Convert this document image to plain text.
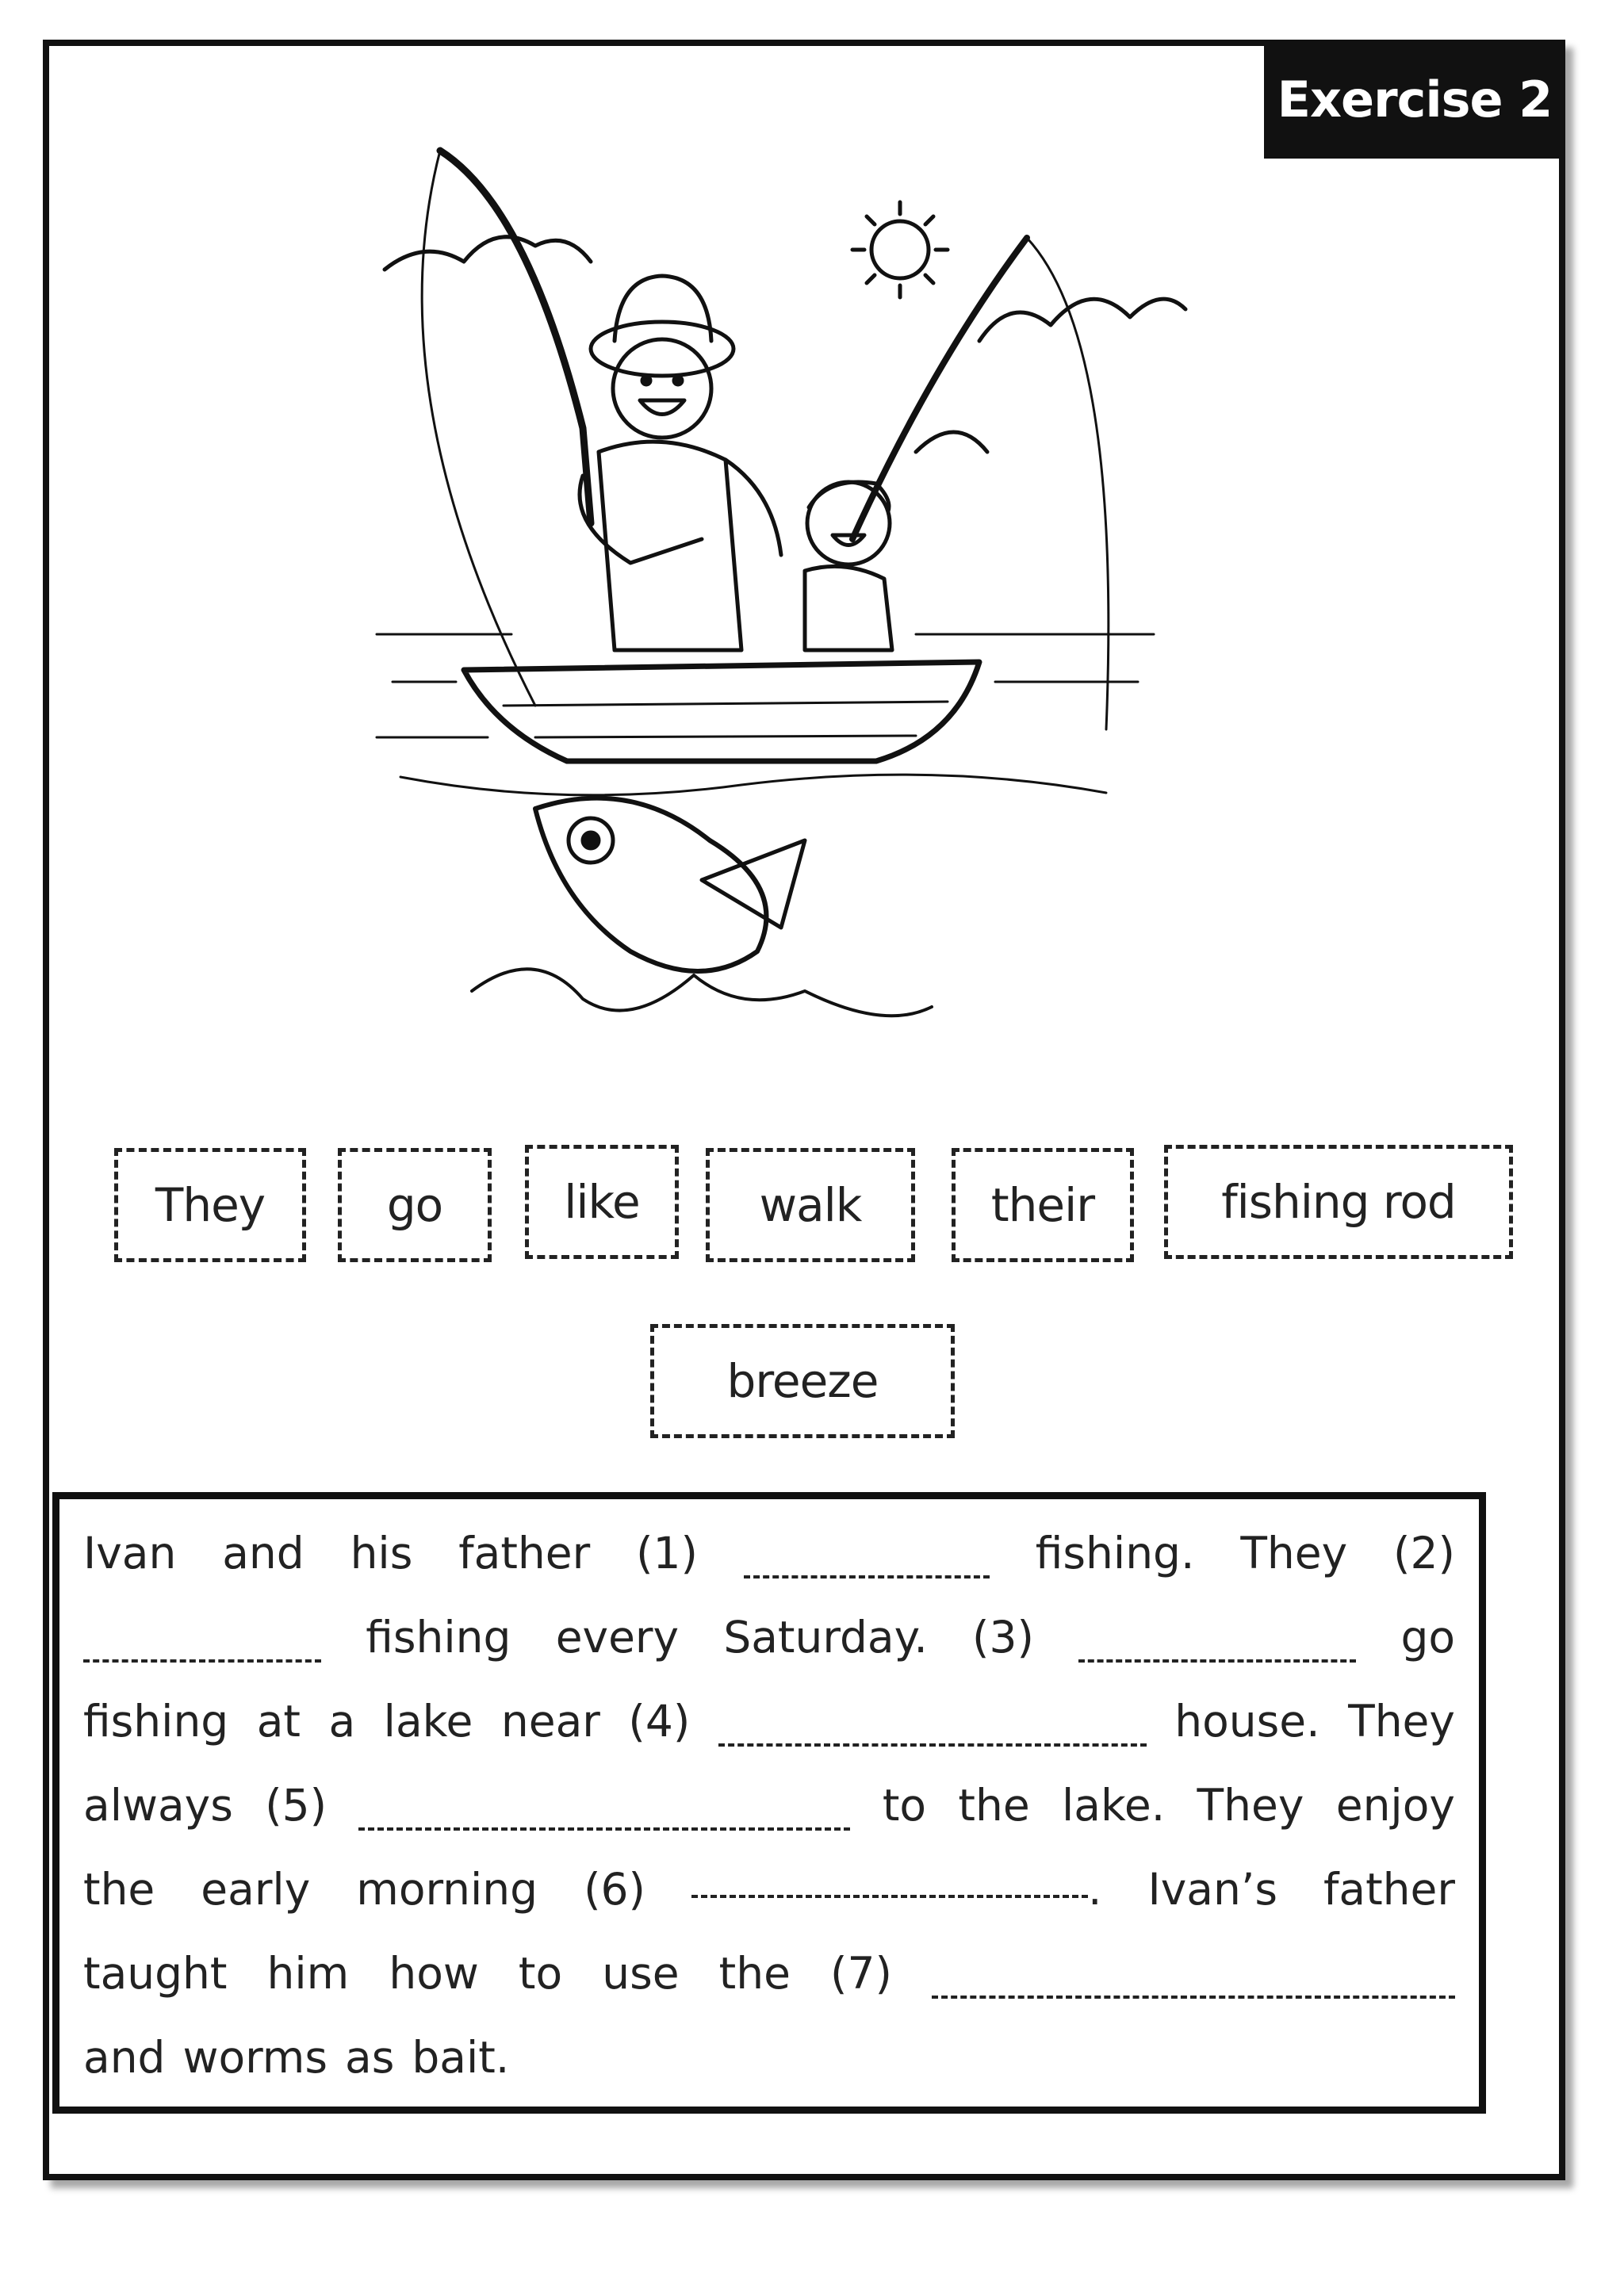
Exercise 2
They	go	like	walk	their	fishing rod
breeze
Ivan and his father (1)	fishing. They (2)
fishing every Saturday. (3)	go
fishing at a lake near (4)	house. They
always (5)	to the lake. They enjoy
the early morning (6)	. Ivan’s father
taught him how to use the (7)
and worms as bait.
